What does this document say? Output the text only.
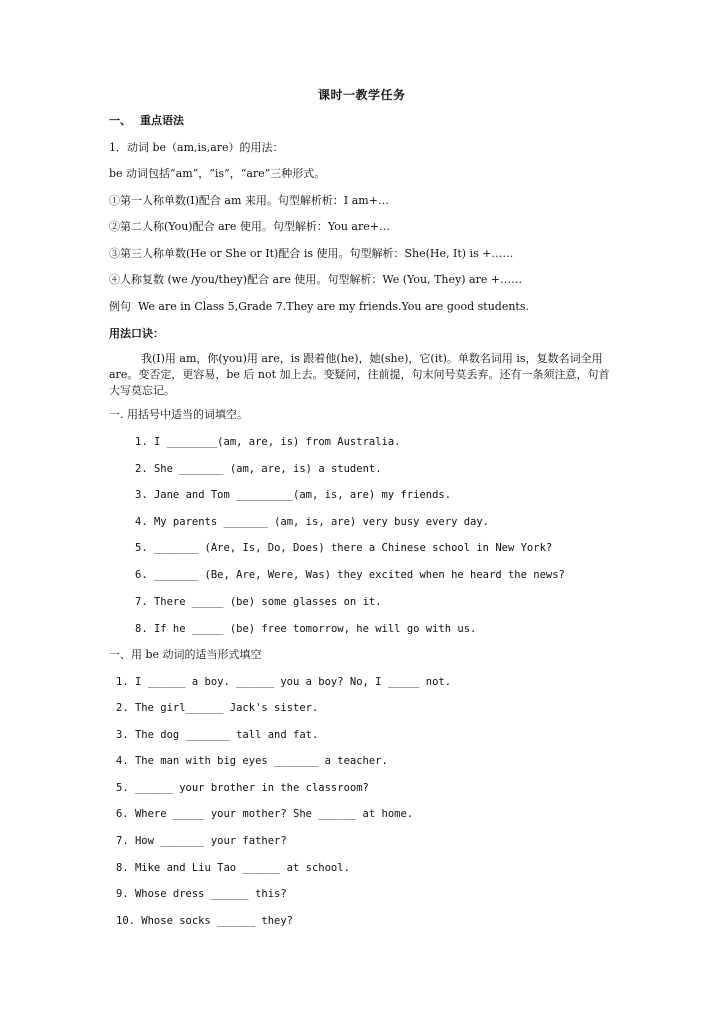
课时一教学任务
一、 重点语法
1．动词 be（am,is,are）的用法：
be 动词包括“am”，“is”，“are”三种形式。
①第一人称单数(I)配合 am 来用。句型解析析：I am+…
②第二人称(You)配合 are 使用。句型解析：You are+…
③第三人称单数(He or She or It)配合 is 使用。句型解析：She(He, It) is +……
④人称复数 (we /you/they)配合 are 使用。句型解析：We (You, They) are +……
例句  We are in Class 5,Grade 7.They are my friends.You are good students.
用法口诀：
我(I)用 am，你(you)用 are，is 跟着他(he)，她(she)，它(it)。单数名词用 is，复数名词全用 are。变否定，更容易，be 后 not 加上去。变疑问，往前提，句末问号莫丢弃。还有一条须注意，句首大写莫忘记。
一. 用括号中适当的词填空。
1. I ________(am, are, is) from Australia.
2. She _______ (am, are, is) a student.
3. Jane and Tom _________(am, is, are) my friends.
4. My parents _______ (am, is, are) very busy every day.
5. _______ (Are, Is, Do, Does) there a Chinese school in New York?
6. _______ (Be, Are, Were, Was) they excited when he heard the news?
7. There _____ (be) some glasses on it.
8. If he _____ (be) free tomorrow, he will go with us.
一、用 be 动词的适当形式填空
1. I ______ a boy. ______ you a boy? No, I _____ not.
2. The girl______ Jack's sister.
3. The dog _______ tall and fat.
4. The man with big eyes _______ a teacher.
5. ______ your brother in the classroom?
6. Where _____ your mother? She ______ at home.
7. How _______ your father?
8. Mike and Liu Tao ______ at school.
9. Whose dress ______ this?
10. Whose socks ______ they?
